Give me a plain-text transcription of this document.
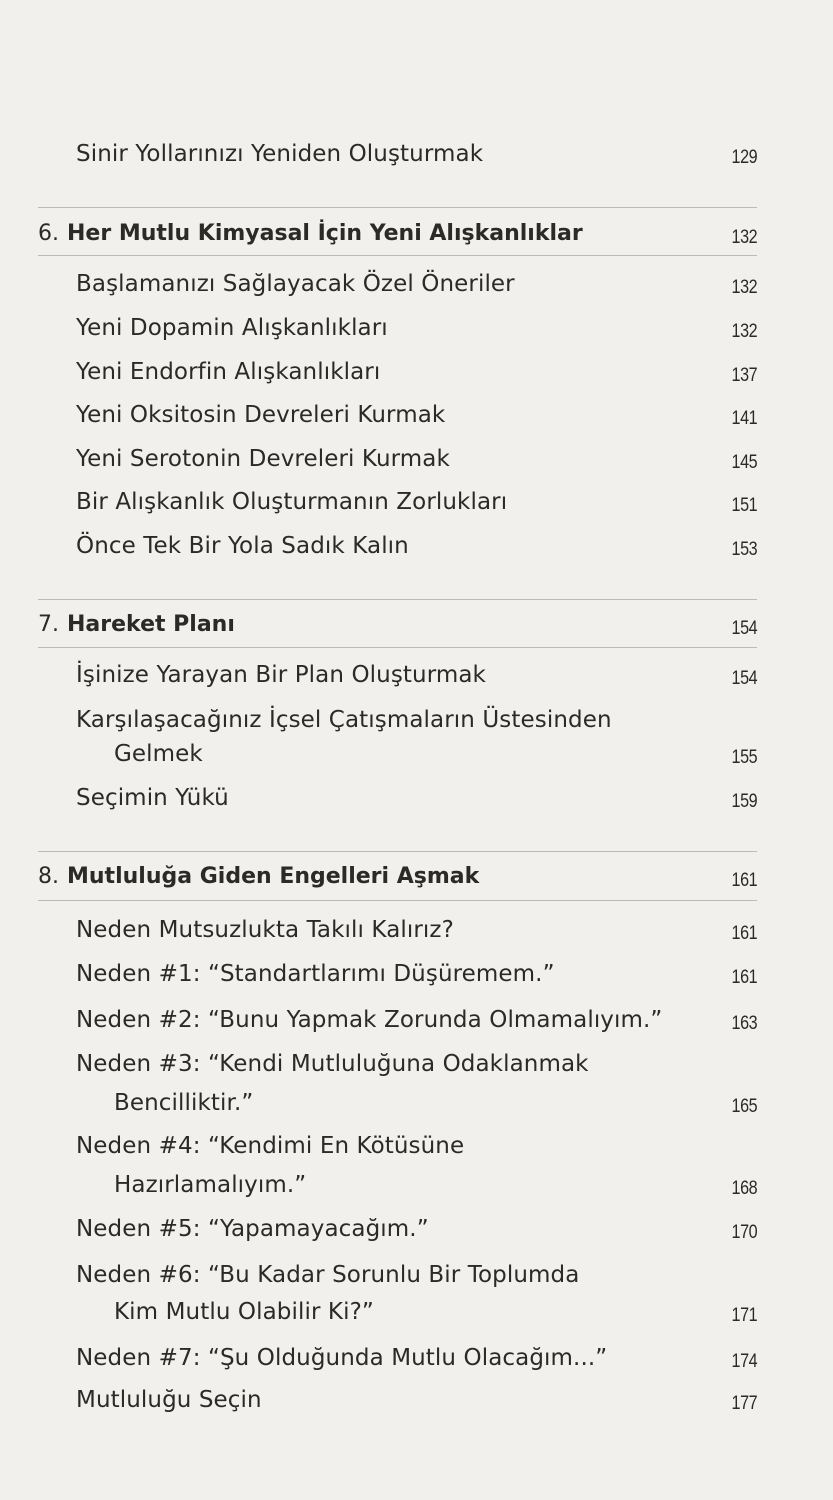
Sinir Yollarınızı Yeniden Oluşturmak	129
6. Her Mutlu Kimyasal İçin Yeni Alışkanlıklar	132
Başlamanızı Sağlayacak Özel Öneriler	132
Yeni Dopamin Alışkanlıkları	132
Yeni Endorfin Alışkanlıkları	137
Yeni Oksitosin Devreleri Kurmak	141
Yeni Serotonin Devreleri Kurmak	145
Bir Alışkanlık Oluşturmanın Zorlukları	151
Önce Tek Bir Yola Sadık Kalın	153
7. Hareket Planı	154
İşinize Yarayan Bir Plan Oluşturmak	154
Karşılaşacağınız İçsel Çatışmaların Üstesinden
Gelmek	155
Seçimin Yükü	159
8. Mutluluğa Giden Engelleri Aşmak	161
Neden Mutsuzlukta Takılı Kalırız?	161
Neden #1: “Standartlarımı Düşüremem.”	161
Neden #2: “Bunu Yapmak Zorunda Olmamalıyım.”	163
Neden #3: “Kendi Mutluluğuna Odaklanmak
Bencilliktir.”	165
Neden #4: “Kendimi En Kötüsüne
Hazırlamalıyım.”	168
Neden #5: “Yapamayacağım.”	170
Neden #6: “Bu Kadar Sorunlu Bir Toplumda
Kim Mutlu Olabilir Ki?”	171
Neden #7: “Şu Olduğunda Mutlu Olacağım...”	174
Mutluluğu Seçin	177
